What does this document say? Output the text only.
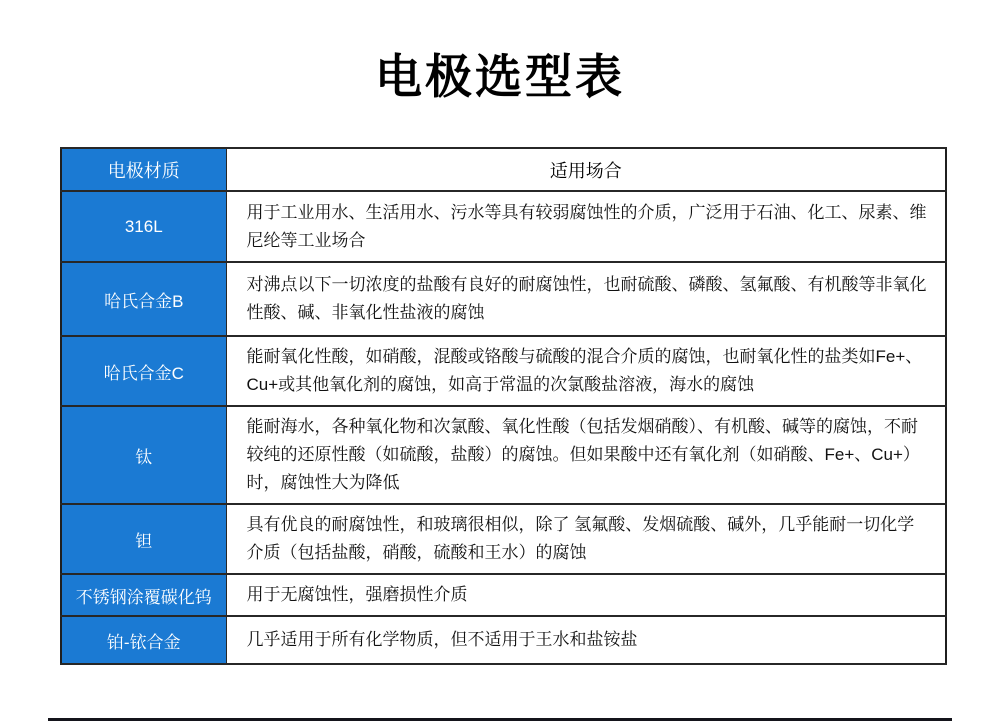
电极选型表
电极材质	适用场合
316L	用于工业用水、生活用水、污水等具有较弱腐蚀性的介质，广泛用于石油、化工、尿素、维尼纶等工业场合
哈氏合金B	对沸点以下一切浓度的盐酸有良好的耐腐蚀性，也耐硫酸、磷酸、氢氟酸、有机酸等非氧化性酸、碱、非氧化性盐液的腐蚀
哈氏合金C	能耐氧化性酸，如硝酸，混酸或铬酸与硫酸的混合介质的腐蚀，也耐氧化性的盐类如Fe+、Cu+或其他氧化剂的腐蚀，如高于常温的次氯酸盐溶液，海水的腐蚀
钛	能耐海水，各种氧化物和次氯酸、氧化性酸（包括发烟硝酸）、有机酸、碱等的腐蚀，不耐较纯的还原性酸（如硫酸，盐酸）的腐蚀。但如果酸中还有氧化剂（如硝酸、Fe+、Cu+）时，腐蚀性大为降低
钽	具有优良的耐腐蚀性，和玻璃很相似，除了 氢氟酸、发烟硫酸、碱外，几乎能耐一切化学介质（包括盐酸，硝酸，硫酸和王水）的腐蚀
不锈钢涂覆碳化钨	用于无腐蚀性，强磨损性介质
铂-铱合金	几乎适用于所有化学物质，但不适用于王水和盐铵盐
